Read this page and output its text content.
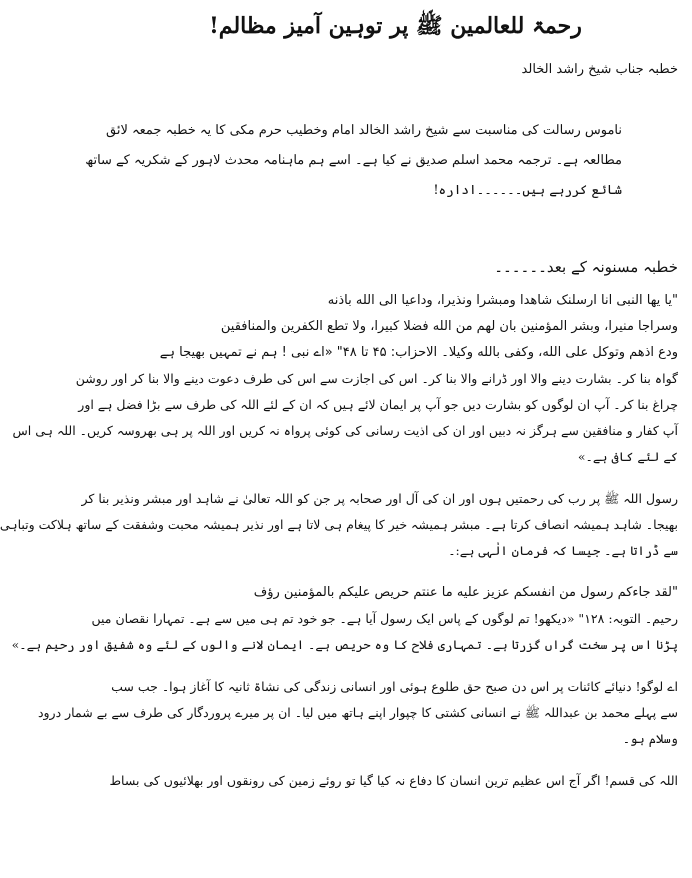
رحمۃ للعالمین ﷺ پر توہین آمیز مظالم!
خطبہ جناب شیخ راشد الخالد
ناموس رسالت کی مناسبت سے شیخ راشد الخالد امام وخطیب حرم مکی کا یہ خطبہ جمعہ لائق
مطالعہ ہے۔ ترجمہ محمد اسلم صدیق نے کیا ہے۔ اسے ہم ماہنامہ محدث لاہور کے شکریہ کے ساتھ
شائع کررہے ہیں۔۔۔۔۔۔ادارہ!
خطبہ مسنونہ کے بعد۔۔۔۔۔۔
"یا یھا النبی انا ارسلنک شاھدا ومبشرا ونذیرا، وداعیا الی الله باذنه
وسراجا منیرا، وبشر المؤمنین بان لهم من الله فضلا کبیرا، ولا تطع الکفرین والمنافقین
ودع اذھم وتوکل علی الله، وکفی بالله وکیلا۔ الاحزاب: ۴۵ تا ۴۸" «اے نبی ! ہم نے تمہیں بھیجا ہے
گواہ بنا کر۔ بشارت دینے والا اور ڈرانے والا بنا کر۔ اس کی اجازت سے اس کی طرف دعوت دینے والا بنا کر اور روشن
چراغ بنا کر۔ آپ ان لوگوں کو بشارت دیں جو آپ پر ایمان لائے ہیں کہ ان کے لئے اللہ کی طرف سے بڑا فضل ہے اور
آپ کفار و منافقین سے ہرگز نہ دبیں اور ان کی اذیت رسانی کی کوئی پرواہ نہ کریں اور اللہ پر ہی بھروسہ کریں۔ اللہ ہی اس
کے لئے کافی ہے۔»
رسول اللہ ﷺ پر رب کی رحمتیں ہوں اور ان کی آل اور صحابہ پر جن کو اللہ تعالیٰ نے شاہد اور مبشر ونذیر بنا کر
بھیجا۔ شاہد ہمیشہ انصاف کرتا ہے۔ مبشر ہمیشہ خیر کا پیغام ہی لاتا ہے اور نذیر ہمیشہ محبت وشفقت کے ساتھ ہلاکت وتباہی
سے ڈراتا ہے۔ جیسا کہ فرمان الٰہی ہے:۔
"لقد جاءکم رسول من انفسکم عزیز علیه ما عنتم حریص علیکم بالمؤمنین رؤف
رحیم۔ التوبہ: ۱۲۸" «دیکھو! تم لوگوں کے پاس ایک رسول آیا ہے۔ جو خود تم ہی میں سے ہے۔ تمہارا نقصان میں
پڑنا اس پر سخت گراں گزرتا ہے۔ تمہاری فلاح کا وہ حریص ہے۔ ایمان لانے والوں کے لئے وہ شفیق اور رحیم ہے۔»
اے لوگو! دنیائے کائنات پر اس دن صبح حق طلوع ہوئی اور انسانی زندگی کی نشاۃ ثانیہ کا آغاز ہوا۔ جب سب
سے پہلے محمد بن عبداللہ ﷺ نے انسانی کشتی کا چپوار اپنے ہاتھ میں لیا۔ ان پر میرے پروردگار کی طرف سے بے شمار درود
وسلام ہو۔
اللہ کی قسم! اگر آج اس عظیم ترین انسان کا دفاع نہ کیا گیا تو روئے زمین کی رونقوں اور بھلائیوں کی بساط
